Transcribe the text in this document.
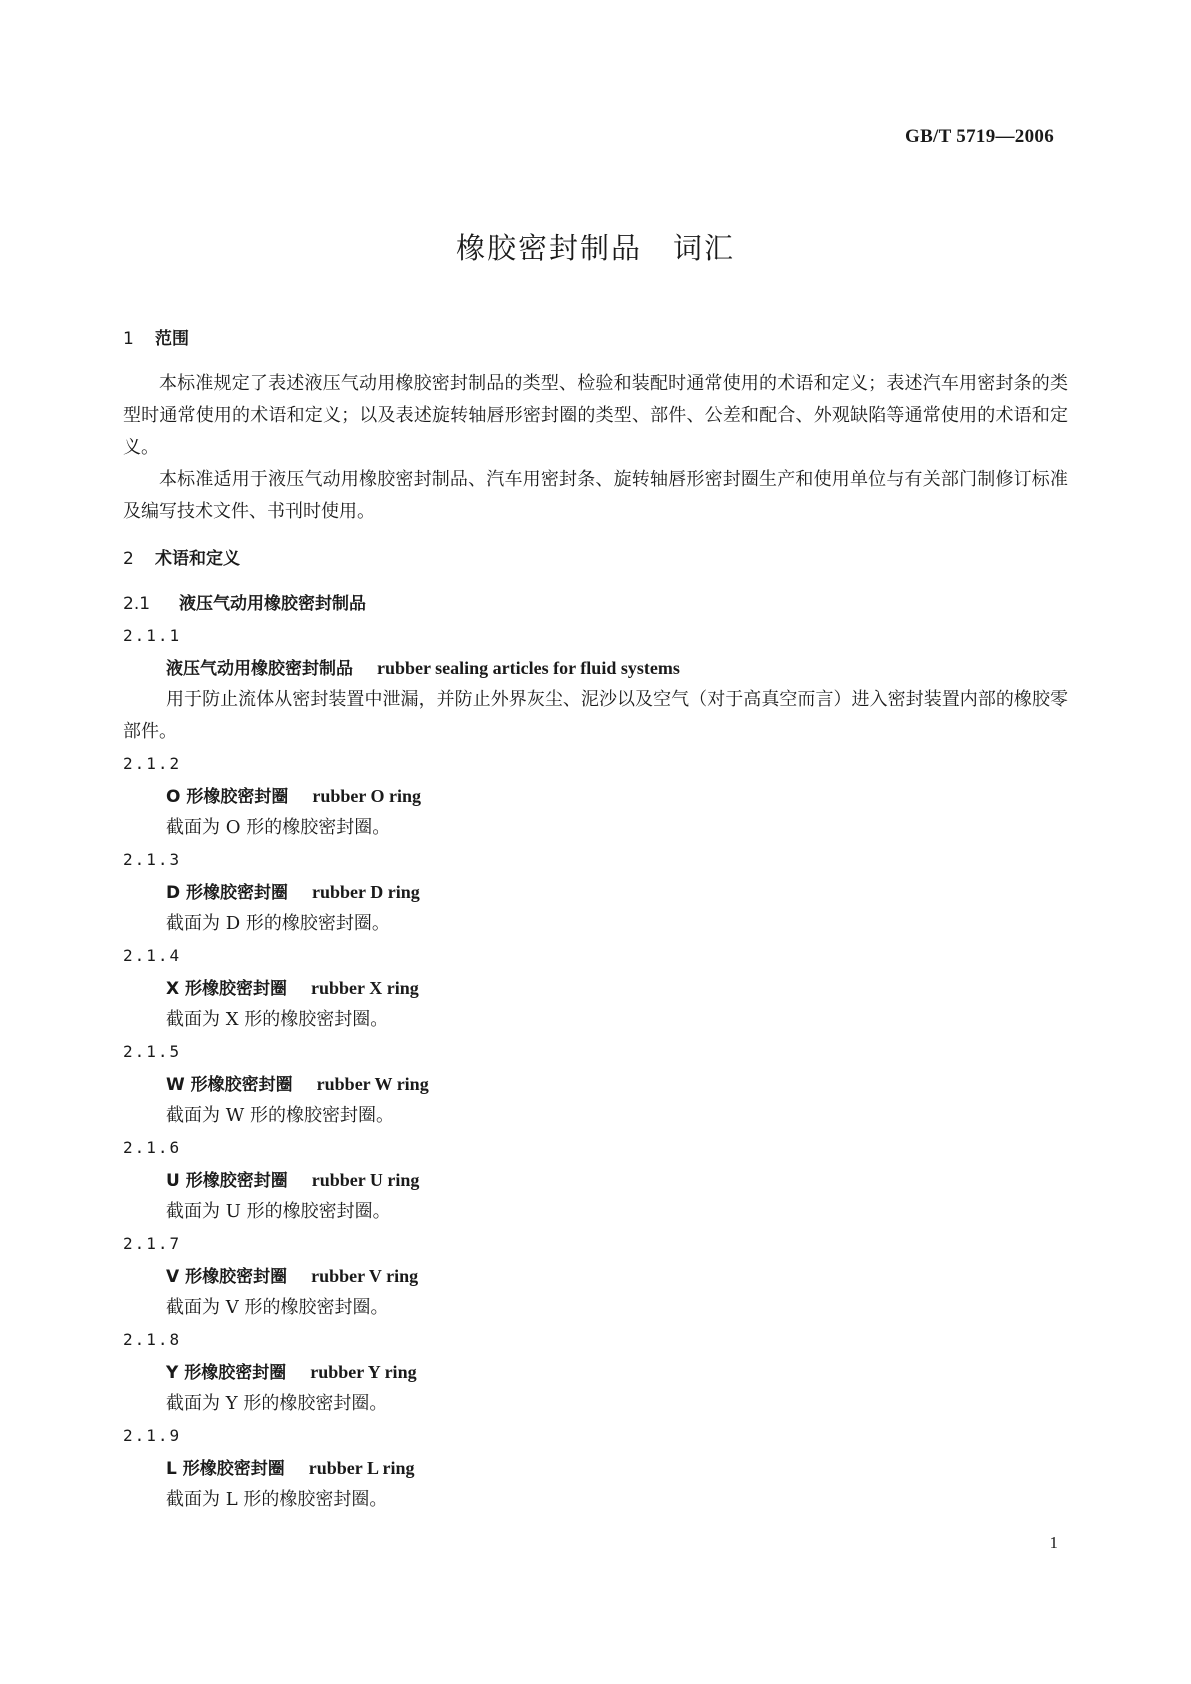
GB/T 5719—2006
橡胶密封制品　词汇
1 范围

本标准规定了表述液压气动用橡胶密封制品的类型、检验和装配时通常使用的术语和定义；表述汽车用密封条的类型时通常使用的术语和定义；以及表述旋转轴唇形密封圈的类型、部件、公差和配合、外观缺陷等通常使用的术语和定义。

本标准适用于液压气动用橡胶密封制品、汽车用密封条、旋转轴唇形密封圈生产和使用单位与有关部门制修订标准及编写技术文件、书刊时使用。

2 术语和定义
2.1 液压气动用橡胶密封制品
2.1.1
液压气动用橡胶密封制品 rubber sealing articles for fluid systems

用于防止流体从密封装置中泄漏，并防止外界灰尘、泥沙以及空气（对于高真空而言）进入密封装置内部的橡胶零部件。

2.1.2
O 形橡胶密封圈 rubber O ring

截面为 O 形的橡胶密封圈。

2.1.3
D 形橡胶密封圈 rubber D ring

截面为 D 形的橡胶密封圈。

2.1.4
X 形橡胶密封圈 rubber X ring

截面为 X 形的橡胶密封圈。

2.1.5
W 形橡胶密封圈 rubber W ring

截面为 W 形的橡胶密封圈。

2.1.6
U 形橡胶密封圈 rubber U ring

截面为 U 形的橡胶密封圈。

2.1.7
V 形橡胶密封圈 rubber V ring

截面为 V 形的橡胶密封圈。

2.1.8
Y 形橡胶密封圈 rubber Y ring

截面为 Y 形的橡胶密封圈。

2.1.9
L 形橡胶密封圈 rubber L ring

截面为 L 形的橡胶密封圈。

1
